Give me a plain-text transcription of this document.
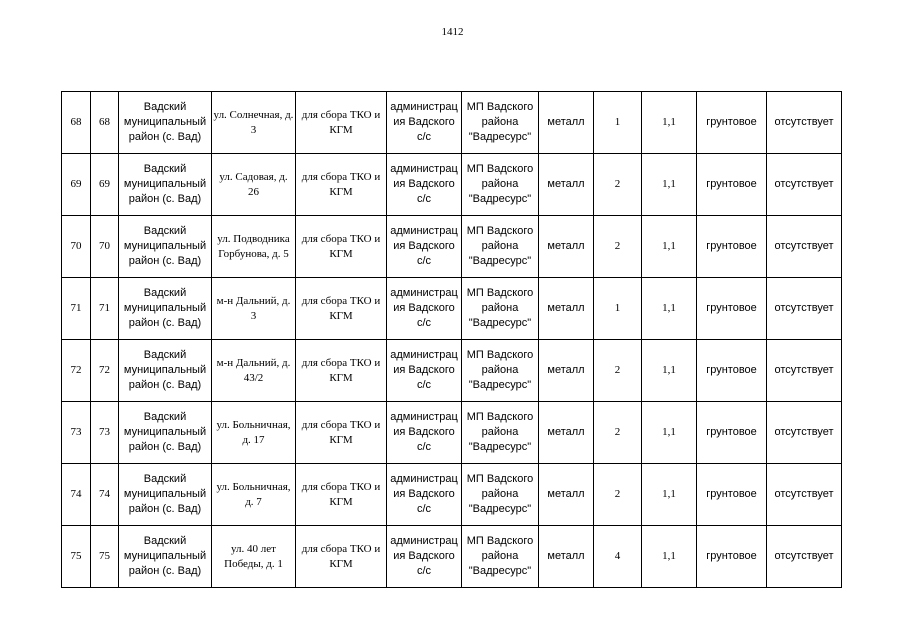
1412
68	68	Вадский муниципальный район (с. Вад)	ул. Солнечная, д. 3	для сбора ТКО и КГМ	администрация Вадского с/с	МП Вадского района "Вадресурс"	металл	1	1,1	грунтовое	отсутствует
69	69	Вадский муниципальный район (с. Вад)	ул. Садовая, д. 26	для сбора ТКО и КГМ	администрация Вадского с/с	МП Вадского района "Вадресурс"	металл	2	1,1	грунтовое	отсутствует
70	70	Вадский муниципальный район (с. Вад)	ул. Подводника Горбунова, д. 5	для сбора ТКО и КГМ	администрация Вадского с/с	МП Вадского района "Вадресурс"	металл	2	1,1	грунтовое	отсутствует
71	71	Вадский муниципальный район (с. Вад)	м-н Дальний, д. 3	для сбора ТКО и КГМ	администрация Вадского с/с	МП Вадского района "Вадресурс"	металл	1	1,1	грунтовое	отсутствует
72	72	Вадский муниципальный район (с. Вад)	м-н Дальний, д. 43/2	для сбора ТКО и КГМ	администрация Вадского с/с	МП Вадского района "Вадресурс"	металл	2	1,1	грунтовое	отсутствует
73	73	Вадский муниципальный район (с. Вад)	ул. Больничная, д. 17	для сбора ТКО и КГМ	администрация Вадского с/с	МП Вадского района "Вадресурс"	металл	2	1,1	грунтовое	отсутствует
74	74	Вадский муниципальный район (с. Вад)	ул. Больничная, д. 7	для сбора ТКО и КГМ	администрация Вадского с/с	МП Вадского района "Вадресурс"	металл	2	1,1	грунтовое	отсутствует
75	75	Вадский муниципальный район (с. Вад)	ул. 40 лет Победы, д. 1	для сбора ТКО и КГМ	администрация Вадского с/с	МП Вадского района "Вадресурс"	металл	4	1,1	грунтовое	отсутствует
